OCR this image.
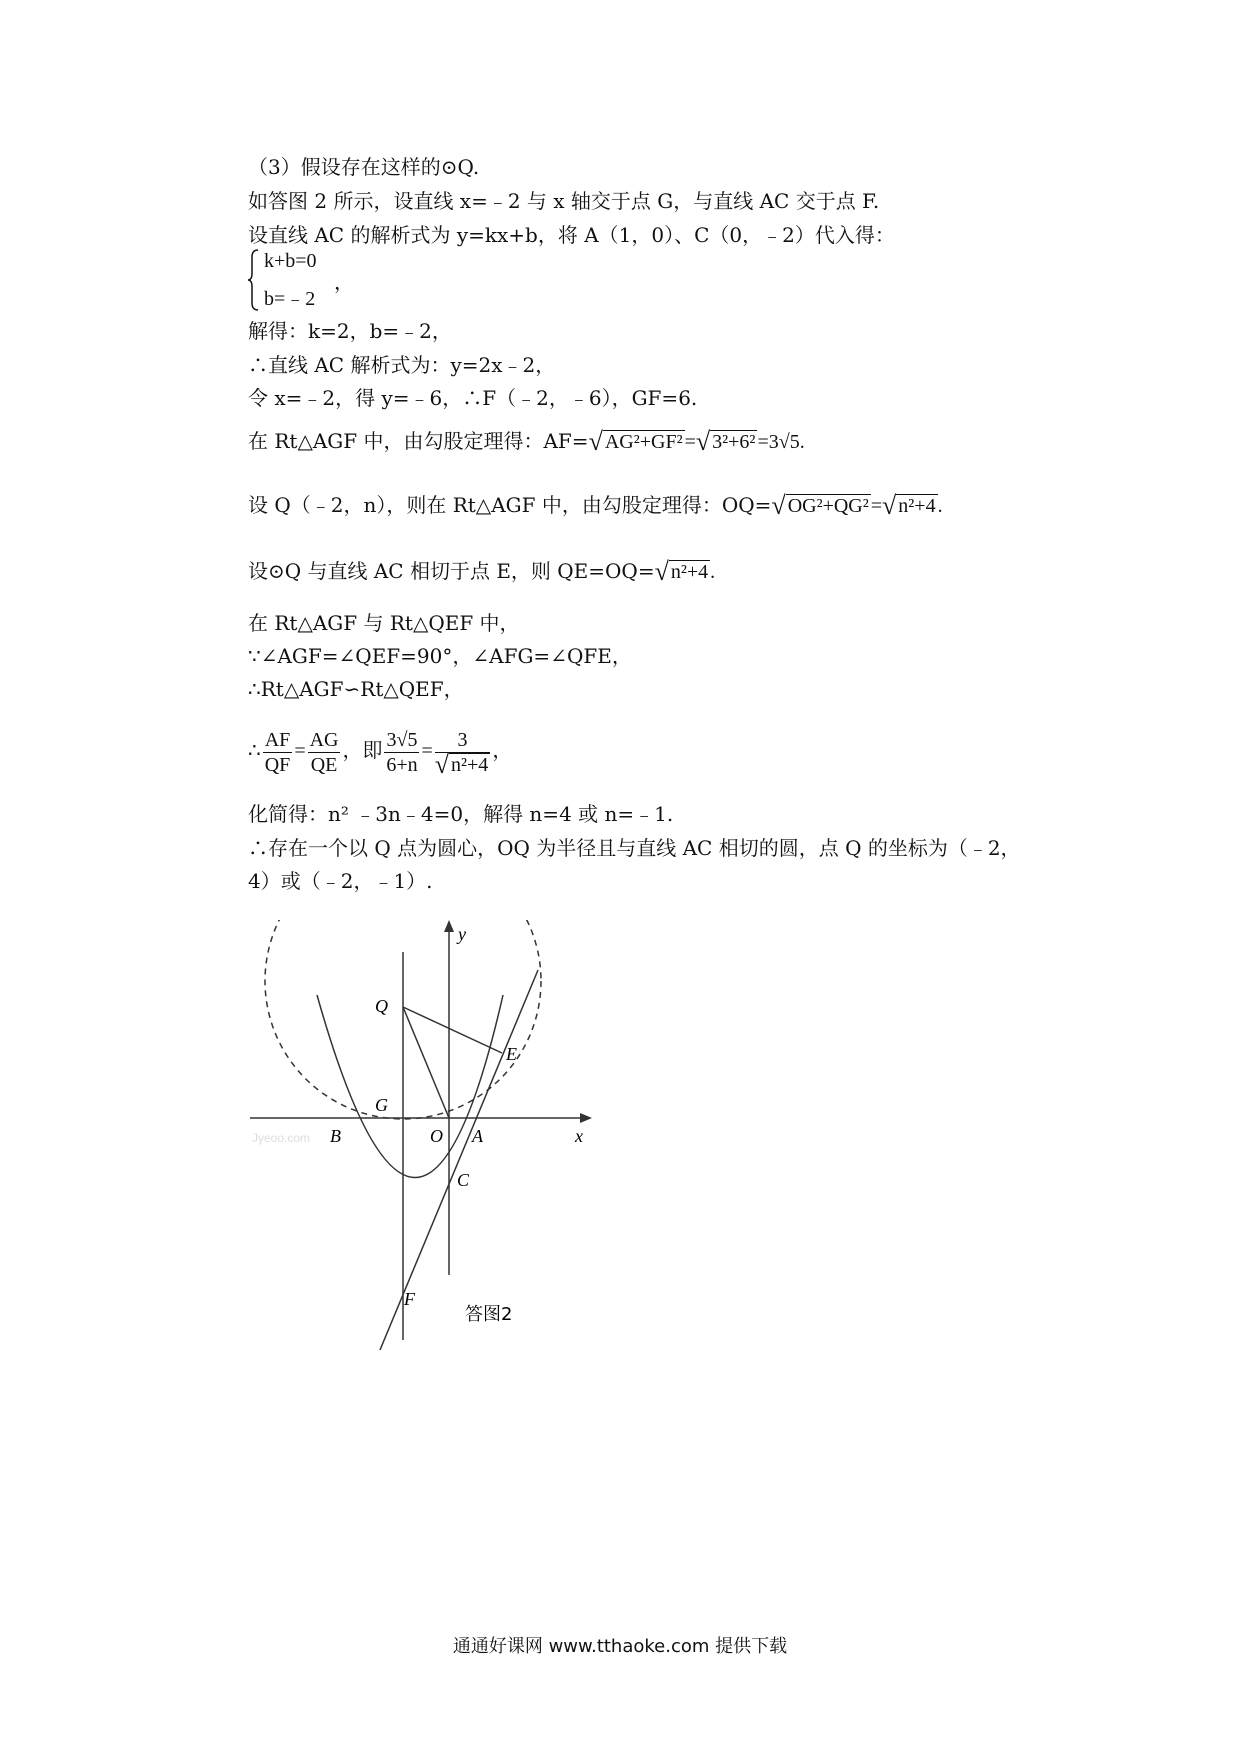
（3）假设存在这样的⊙Q.
如答图 2 所示，设直线 x=﹣2 与 x 轴交于点 G，与直线 AC 交于点 F.
设直线 AC 的解析式为 y=kx+b，将 A（1，0）、C（0，﹣2）代入得：
k+b=0
b=﹣2
，
解得：k=2，b=﹣2，
∴直线 AC 解析式为：y=2x﹣2，
令 x=﹣2，得 y=﹣6，∴F（﹣2，﹣6），GF=6.
在 Rt△AGF 中，由勾股定理得：AF=√ AG²+GF² =√ 3²+6² =3√5.
设 Q（﹣2，n），则在 Rt△AGF 中，由勾股定理得：OQ=√ OG²+QG² =√ n²+4 .
设⊙Q 与直线 AC 相切于点 E，则 QE=OQ=√ n²+4 .
在 Rt△AGF 与 Rt△QEF 中，
∵∠AGF=∠QEF=90°，∠AFG=∠QFE，
∴Rt△AGF∽Rt△QEF，
∴ $\frac{AF}{QF} = \frac{AG}{QE}$ ，即 $\frac{3√5}{6+n} = \frac{3}{\text{√ n²+4}}$ ，
化简得：n² ﹣3n﹣4=0，解得 n=4 或 n=﹣1.
∴存在一个以 Q 点为圆心，OQ 为半径且与直线 AC 相切的圆，点 Q 的坐标为（﹣2，
4）或（﹣2，﹣1）.
y
x
Q
E
G
B	O A
C
F
Jyeoo.com
答图2
通通好课网 www.tthaoke.com 提供下载
